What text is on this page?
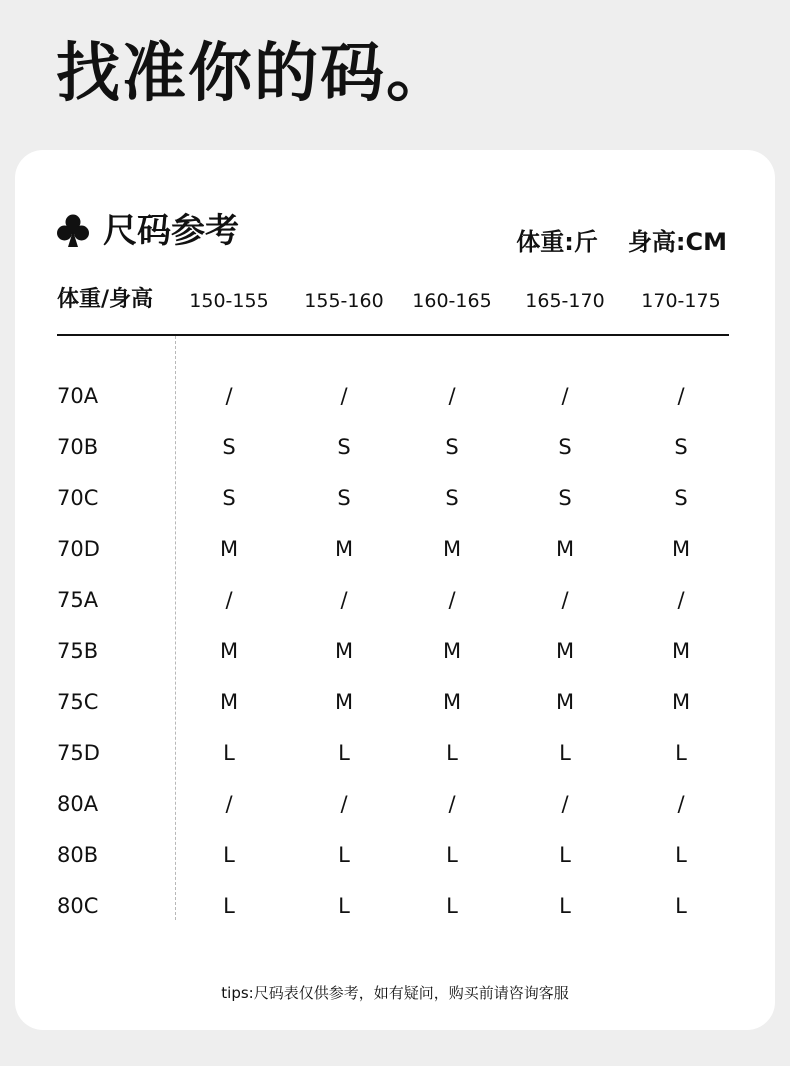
找准你的码。
尺码参考	体重:斤 身高:CM
体重/身高	150-155	155-160	160-165	165-170	170-175
70A	/	/	/	/	/
70B	S	S	S	S	S
70C	S	S	S	S	S
70D	M	M	M	M	M
75A	/	/	/	/	/
75B	M	M	M	M	M
75C	M	M	M	M	M
75D	L	L	L	L	L
80A	/	/	/	/	/
80B	L	L	L	L	L
80C	L	L	L	L	L
tips:尺码表仅供参考，如有疑问，购买前请咨询客服
